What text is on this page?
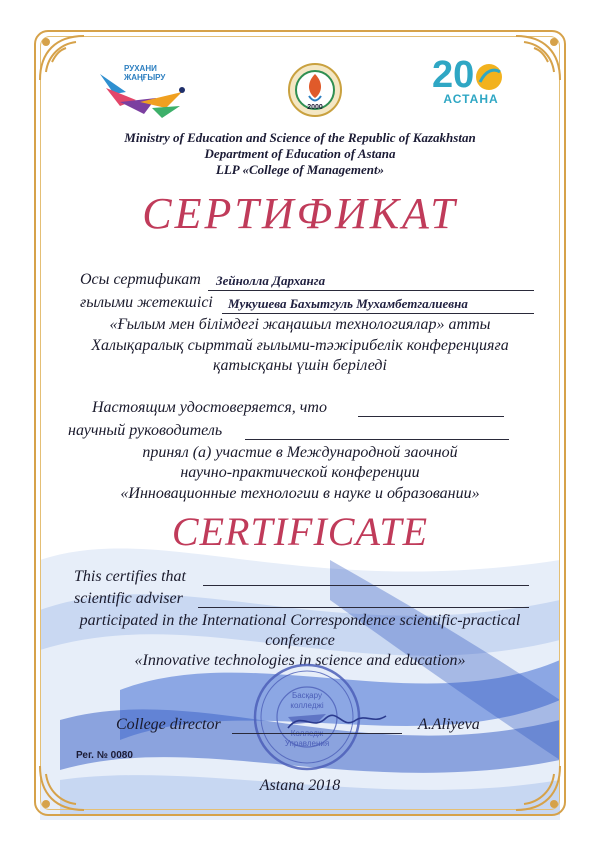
РУХАНИ ЖАҢҒЫРУ
2000
20
АСТАНА
Ministry of Education and Science of the Republic of Kazakhstan
Department of Education of Astana
LLP «College of Management»
СЕРТИФИКАТ
Осы сертификат Зейнолла Дарханга
ғылыми жетекшісі Мукушева Бахытгуль Мухамбетгалиевна
«Ғылым мен білімдегі жаңашыл технологиялар» атты
Халықаралық сырттай ғылыми-тәжірибелік конференцияға
қатысқаны үшін беріледі
Настоящим удостоверяется, что
научный руководитель
принял (а) участие в Международной заочной
научно-практической конференции
«Инновационные технологии в науке и образовании»
CERTIFICATE
This certifies that
scientific adviser
participated in the International Correspondence scientific-practical
conference
«Innovative technologies in science and education»
Басқару
колледжі
Колледж
Управления
College director	A.Aliyeva
Рег. № 0080
Astana 2018
